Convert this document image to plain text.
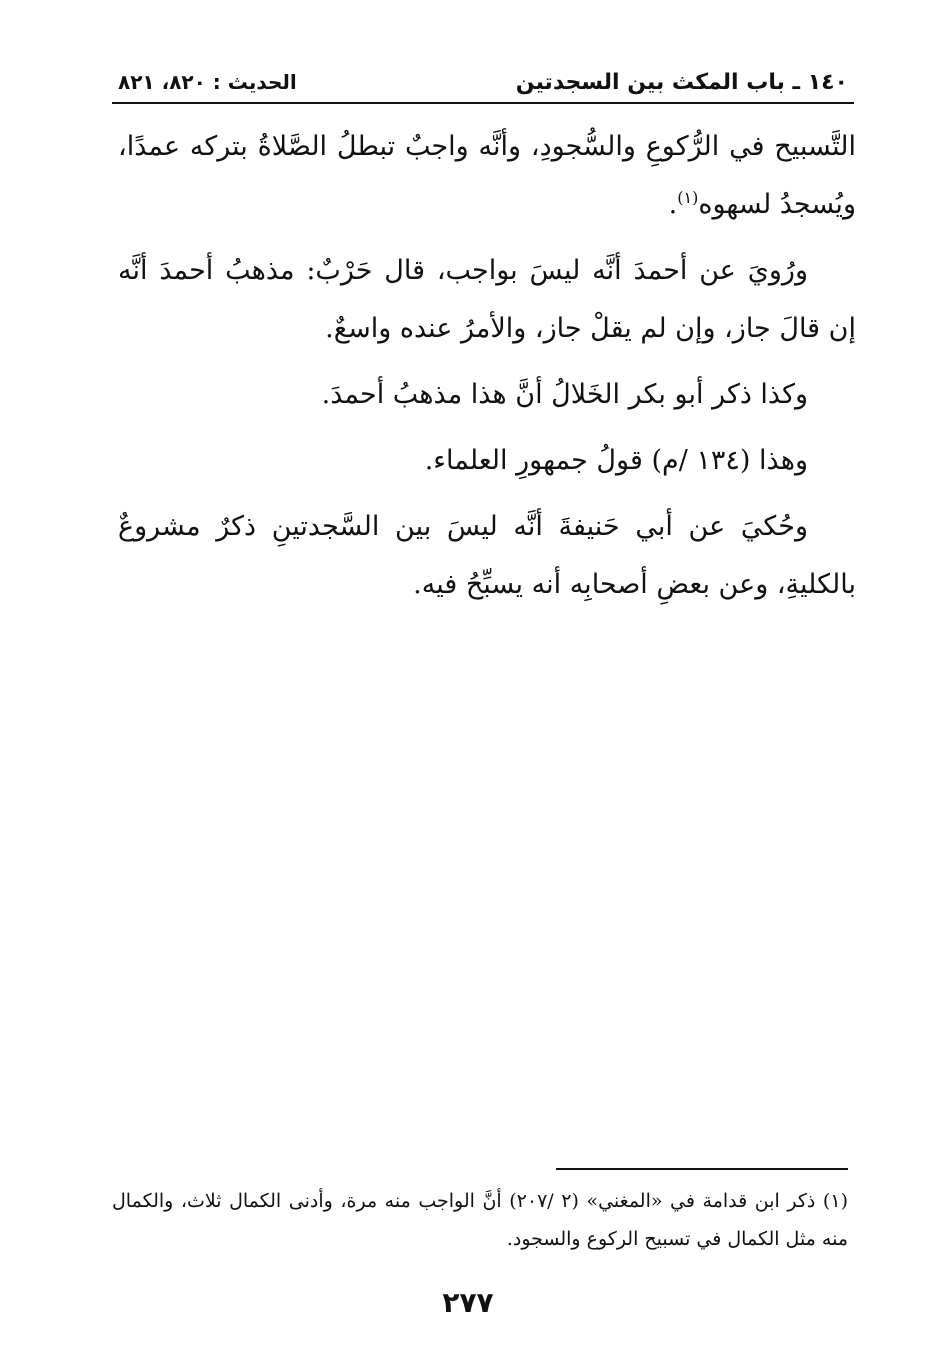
١٤٠ ـ باب المكث بين السجدتين
الحديث : ٨٢٠، ٨٢١

التَّسبيح في الرُّكوعِ والسُّجودِ، وأنَّه واجبٌ تبطلُ الصَّلاةُ بتركه عمدًا، ويُسجدُ لسهوه$^{(١)}$.

ورُويَ عن أحمدَ أنَّه ليسَ بواجب، قال حَرْبٌ: مذهبُ أحمدَ أنَّه إن قالَ جاز، وإن لم يقلْ جاز، والأمرُ عنده واسعٌ.

وكذا ذكر أبو بكر الخَلالُ أنَّ هذا مذهبُ أحمدَ.

وهذا (١٣٤ /م) قولُ جمهورِ العلماء.

وحُكيَ عن أبي حَنيفةَ أنَّه ليسَ بين السَّجدتينِ ذكرٌ مشروعٌ بالكليةِ، وعن بعضِ أصحابِه أنه يسبِّحُ فيه.

(١) ذكر ابن قدامة في «المغني» (٢ /٢٠٧) أنَّ الواجب منه مرة، وأدنى الكمال ثلاث، والكمال منه مثل الكمال في تسبيح الركوع والسجود.

٢٧٧
